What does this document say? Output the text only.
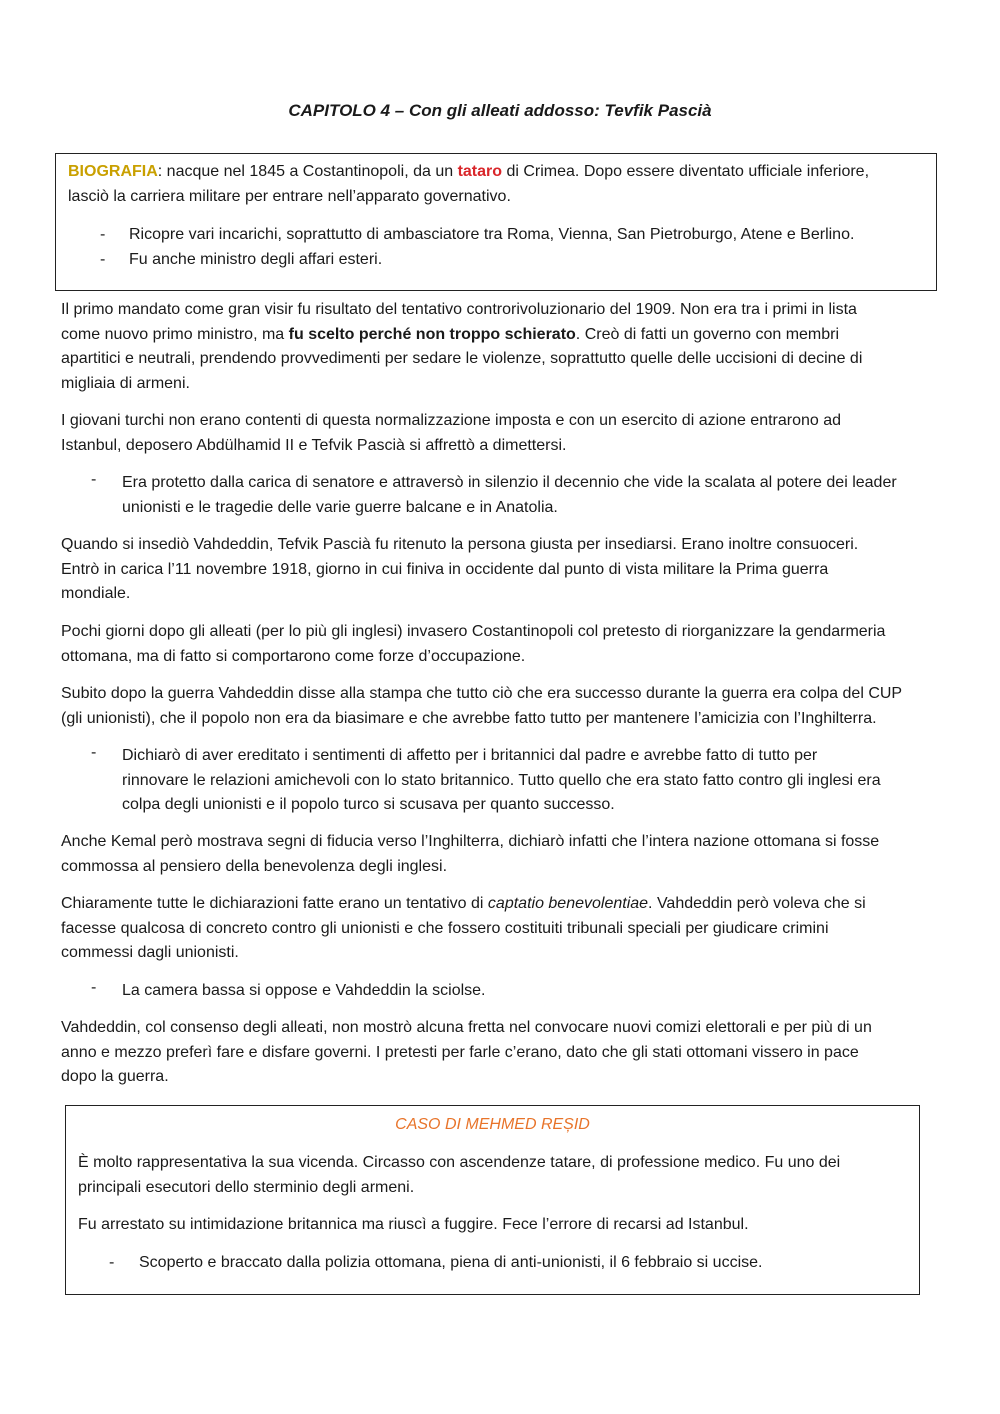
CAPITOLO 4 – Con gli alleati addosso: Tevfik Pascià

BIOGRAFIA: nacque nel 1845 a Costantinopoli, da un tataro di Crimea. Dopo essere diventato ufficiale inferiore,

lasciò la carriera militare per entrare nell’apparato governativo.

- Ricopre vari incarichi, soprattutto di ambasciatore tra Roma, Vienna, San Pietroburgo, Atene e Berlino.
- Fu anche ministro degli affari esteri.

Il primo mandato come gran visir fu risultato del tentativo controrivoluzionario del 1909. Non era tra i primi in lista

come nuovo primo ministro, ma fu scelto perché non troppo schierato. Creò di fatti un governo con membri

apartitici e neutrali, prendendo provvedimenti per sedare le violenze, soprattutto quelle delle uccisioni di decine di

migliaia di armeni.

I giovani turchi non erano contenti di questa normalizzazione imposta e con un esercito di azione entrarono ad

Istanbul, deposero Abdülhamid II e Tefvik Pascià si affrettò a dimettersi.

- Era protetto dalla carica di senatore e attraversò in silenzio il decennio che vide la scalata al potere dei leader

unionisti e le tragedie delle varie guerre balcane e in Anatolia.

Quando si insediò Vahdeddin, Tefvik Pascià fu ritenuto la persona giusta per insediarsi. Erano inoltre consuoceri.

Entrò in carica l’11 novembre 1918, giorno in cui finiva in occidente dal punto di vista militare la Prima guerra

mondiale.

Pochi giorni dopo gli alleati (per lo più gli inglesi) invasero Costantinopoli col pretesto di riorganizzare la gendarmeria

ottomana, ma di fatto si comportarono come forze d’occupazione.

Subito dopo la guerra Vahdeddin disse alla stampa che tutto ciò che era successo durante la guerra era colpa del CUP

(gli unionisti), che il popolo non era da biasimare e che avrebbe fatto tutto per mantenere l’amicizia con l’Inghilterra.

- Dichiarò di aver ereditato i sentimenti di affetto per i britannici dal padre e avrebbe fatto di tutto per

rinnovare le relazioni amichevoli con lo stato britannico. Tutto quello che era stato fatto contro gli inglesi era

colpa degli unionisti e il popolo turco si scusava per quanto successo.

Anche Kemal però mostrava segni di fiducia verso l’Inghilterra, dichiarò infatti che l’intera nazione ottomana si fosse

commossa al pensiero della benevolenza degli inglesi.

Chiaramente tutte le dichiarazioni fatte erano un tentativo di captatio benevolentiae. Vahdeddin però voleva che si

facesse qualcosa di concreto contro gli unionisti e che fossero costituiti tribunali speciali per giudicare crimini

commessi dagli unionisti.

- La camera bassa si oppose e Vahdeddin la sciolse.

Vahdeddin, col consenso degli alleati, non mostrò alcuna fretta nel convocare nuovi comizi elettorali e per più di un

anno e mezzo preferì fare e disfare governi. I pretesti per farle c’erano, dato che gli stati ottomani vissero in pace

dopo la guerra.

CASO DI MEHMED REȘID

È molto rappresentativa la sua vicenda. Circasso con ascendenze tatare, di professione medico. Fu uno dei

principali esecutori dello sterminio degli armeni.

Fu arrestato su intimidazione britannica ma riuscì a fuggire. Fece l’errore di recarsi ad Istanbul.

- Scoperto e braccato dalla polizia ottomana, piena di anti-unionisti, il 6 febbraio si uccise.
